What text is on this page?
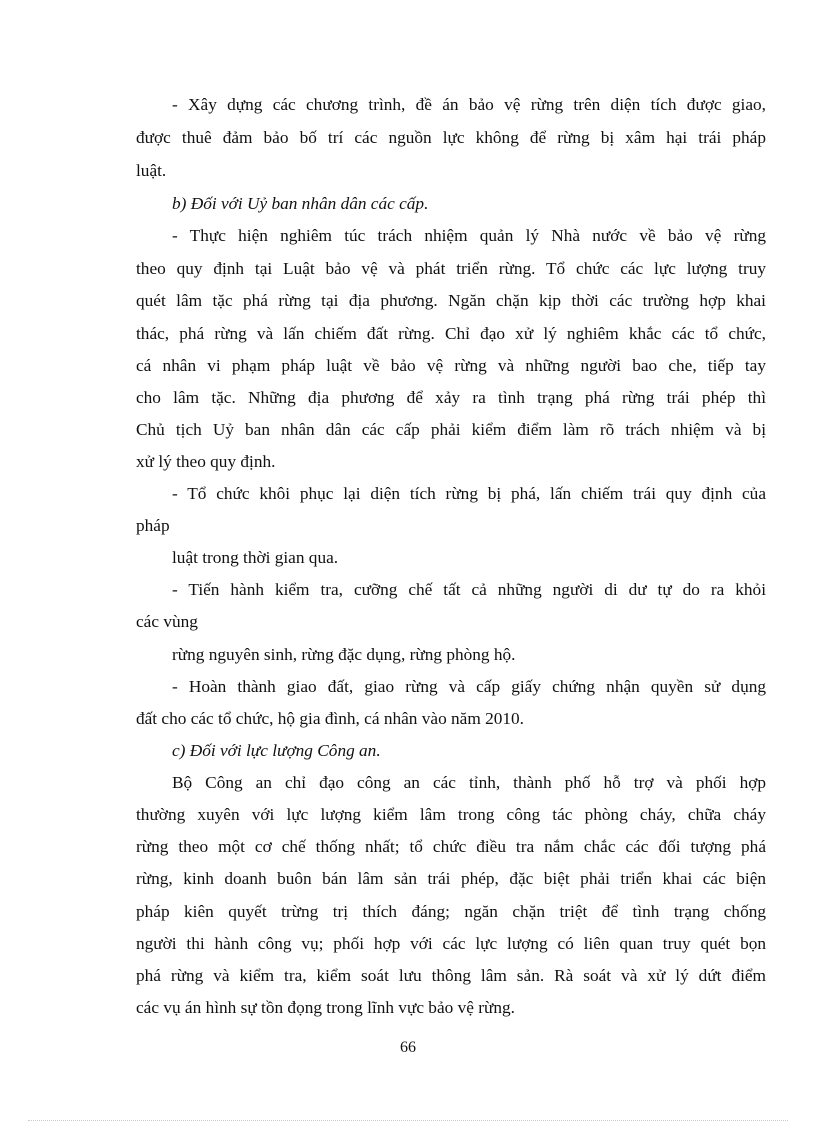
- Xây dựng các chương trình, đề án bảo vệ rừng trên diện tích được giao,
được thuê đảm bảo bố trí các nguồn lực không để rừng bị xâm hại trái pháp
luật.
b) Đối với Uỷ ban nhân dân các cấp.
- Thực hiện nghiêm túc trách nhiệm quản lý Nhà nước về bảo vệ rừng
theo quy định tại Luật bảo vệ và phát triển rừng. Tổ chức các lực lượng truy
quét lâm tặc phá rừng tại địa phương. Ngăn chặn kịp thời các trường hợp khai
thác, phá rừng và lấn chiếm đất rừng. Chỉ đạo xử lý nghiêm khắc các tổ chức,
cá nhân vi phạm pháp luật về bảo vệ rừng và những người bao che, tiếp tay
cho lâm tặc. Những địa phương để xảy ra tình trạng phá rừng trái phép thì
Chủ tịch Uỷ ban nhân dân các cấp phải kiểm điểm làm rõ trách nhiệm và bị
xử lý theo quy định.
- Tổ chức khôi phục lại diện tích rừng bị phá, lấn chiếm trái quy định của
pháp
luật trong thời gian qua.
- Tiến hành kiểm tra, cưỡng chế tất cả những người di dư tự do ra khỏi
các vùng
rừng nguyên sinh, rừng đặc dụng, rừng phòng hộ.
- Hoàn thành giao đất, giao rừng và cấp giấy chứng nhận quyền sử dụng
đất cho các tổ chức, hộ gia đình, cá nhân vào năm 2010.
c) Đối với lực lượng Công an.
Bộ Công an chỉ đạo công an các tỉnh, thành phố hỗ trợ và phối hợp
thường xuyên với lực lượng kiểm lâm trong công tác phòng cháy, chữa cháy
rừng theo một cơ chế thống nhất; tổ chức điều tra nắm chắc các đối tượng phá
rừng, kinh doanh buôn bán lâm sản trái phép, đặc biệt phải triển khai các biện
pháp kiên quyết trừng trị thích đáng; ngăn chặn triệt để tình trạng chống
người thi hành công vụ; phối hợp với các lực lượng có liên quan truy quét bọn
phá rừng và kiểm tra, kiểm soát lưu thông lâm sản. Rà soát và xử lý dứt điểm
các vụ án hình sự tồn đọng trong lĩnh vực bảo vệ rừng.
66
